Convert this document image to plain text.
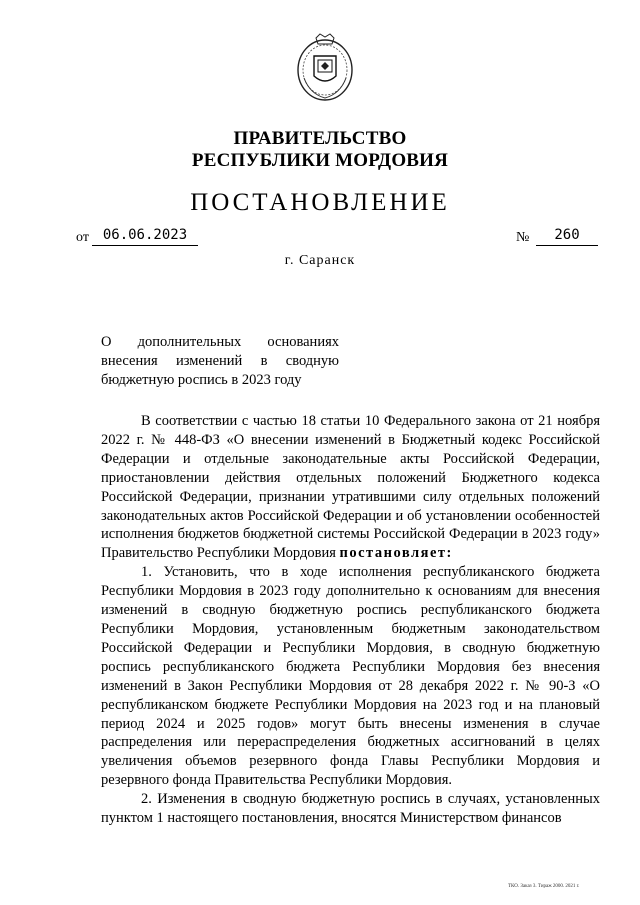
ПРАВИТЕЛЬСТВО
РЕСПУБЛИКИ МОРДОВИЯ
ПОСТАНОВЛЕНИЕ
от 06.06.2023	№	260
г. Саранск
О дополнительных основаниях
внесения изменений в сводную
бюджетную роспись в 2023 году

В соответствии с частью 18 статьи 10 Федерального закона от 21 ноября 2022 г. № 448-ФЗ «О внесении изменений в Бюджетный кодекс Российской Федерации и отдельные законодательные акты Российской Федерации, приостановлении действия отдельных положений Бюджетного кодекса Российской Федерации, признании утратившими силу отдельных положений законодательных актов Российской Федерации и об установлении особенностей исполнения бюджетов бюджетной системы Российской Федерации в 2023 году» Правительство Республики Мордовия постановляет:

1. Установить, что в ходе исполнения республиканского бюджета Республики Мордовия в 2023 году дополнительно к основаниям для внесения изменений в сводную бюджетную роспись республиканского бюджета Республики Мордовия, установленным бюджетным законодательством Российской Федерации и Республики Мордовия, в сводную бюджетную роспись республиканского бюджета Республики Мордовия без внесения изменений в Закон Республики Мордовия от 28 декабря 2022 г. № 90-З «О республиканском бюджете Республики Мордовия на 2023 год и на плановый период 2024 и 2025 годов» могут быть внесены изменения в случае распределения или перераспределения бюджетных ассигнований в целях увеличения объемов резервного фонда Главы Республики Мордовия и резервного фонда Правительства Республики Мордовия.

2. Изменения в сводную бюджетную роспись в случаях, установленных пунктом 1 настоящего постановления, вносятся Министерством финансов

ТКО. Заказ 3. Тираж 2000. 2021 г.
